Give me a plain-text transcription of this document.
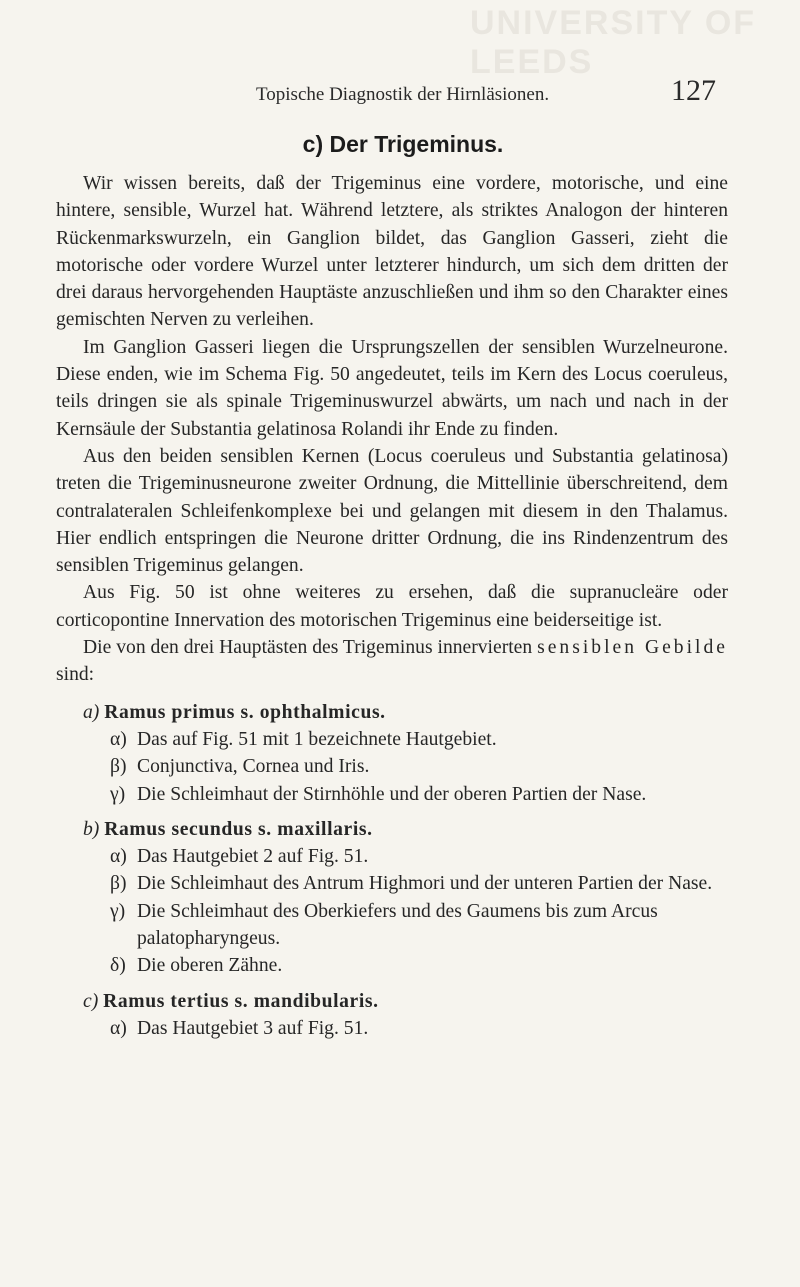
UNIVERSITY OF LEEDS
Topische Diagnostik der Hirnläsionen.	127
c) Der Trigeminus.

Wir wissen bereits, daß der Trigeminus eine vordere, motorische, und eine hintere, sensible, Wurzel hat. Während letztere, als striktes Analogon der hinteren Rückenmarkswurzeln, ein Ganglion bildet, das Ganglion Gasseri, zieht die motorische oder vordere Wurzel unter letzterer hindurch, um sich dem dritten der drei daraus hervorgehenden Hauptäste anzuschließen und ihm so den Charakter eines gemischten Nerven zu verleihen.

Im Ganglion Gasseri liegen die Ursprungszellen der sensiblen Wurzelneurone. Diese enden, wie im Schema Fig. 50 angedeutet, teils im Kern des Locus coeruleus, teils dringen sie als spinale Trigeminuswurzel abwärts, um nach und nach in der Kernsäule der Substantia gelatinosa Rolandi ihr Ende zu finden.

Aus den beiden sensiblen Kernen (Locus coeruleus und Substantia gelatinosa) treten die Trigeminusneurone zweiter Ordnung, die Mittellinie überschreitend, dem contralateralen Schleifenkomplexe bei und gelangen mit diesem in den Thalamus. Hier endlich entspringen die Neurone dritter Ordnung, die ins Rindenzentrum des sensiblen Trigeminus gelangen.

Aus Fig. 50 ist ohne weiteres zu ersehen, daß die supranucleäre oder corticopontine Innervation des motorischen Trigeminus eine beiderseitige ist.

Die von den drei Hauptästen des Trigeminus innervierten sensiblen Gebilde sind:

a) Ramus primus s. ophthalmicus.
α) Das auf Fig. 51 mit 1 bezeichnete Hautgebiet.
β) Conjunctiva, Cornea und Iris.
γ) Die Schleimhaut der Stirnhöhle und der oberen Partien der Nase.
b) Ramus secundus s. maxillaris.
α) Das Hautgebiet 2 auf Fig. 51.
β) Die Schleimhaut des Antrum Highmori und der unteren Partien der Nase.
γ) Die Schleimhaut des Oberkiefers und des Gaumens bis zum Arcus palatopharyngeus.
δ) Die oberen Zähne.
c) Ramus tertius s. mandibularis.
α) Das Hautgebiet 3 auf Fig. 51.
